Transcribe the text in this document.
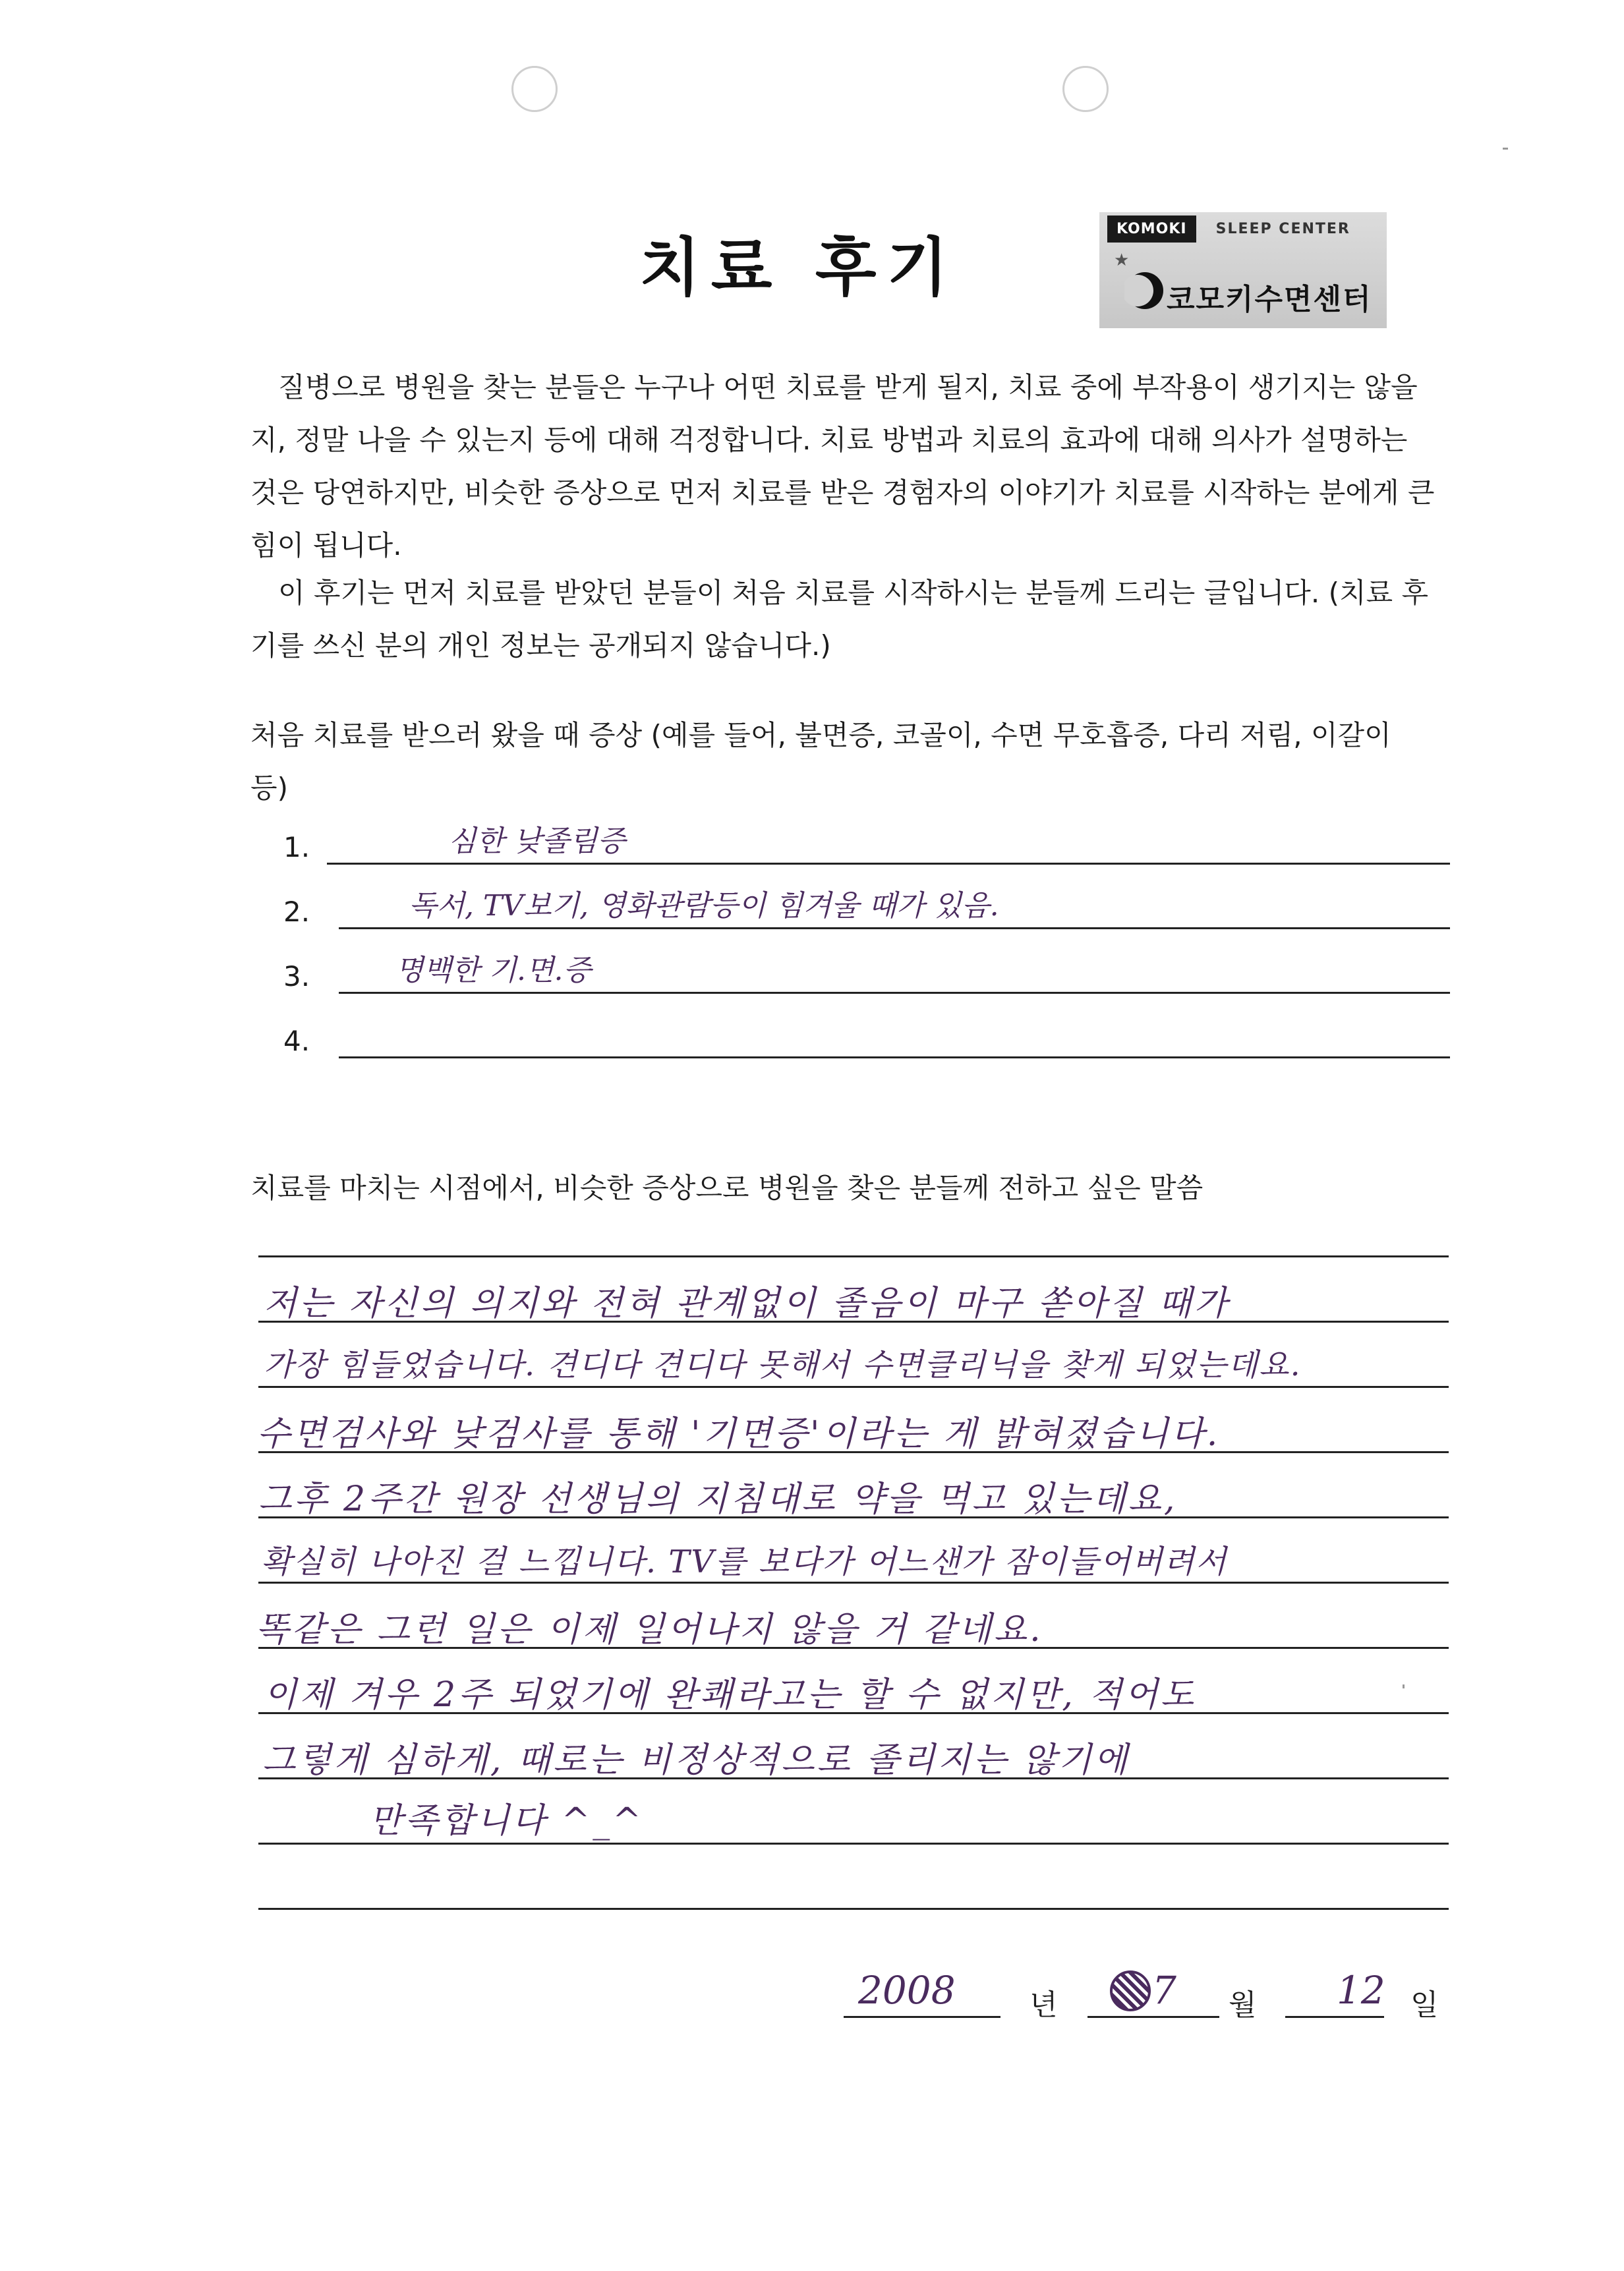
치료 후기
KOMOKI	SLEEP CENTER
★
코모키수면센터

질병으로 병원을 찾는 분들은 누구나 어떤 치료를 받게 될지, 치료 중에 부작용이 생기지는 않을지, 정말 나을 수 있는지 등에 대해 걱정합니다. 치료 방법과 치료의 효과에 대해 의사가 설명하는 것은 당연하지만, 비슷한 증상으로 먼저 치료를 받은 경험자의 이야기가 치료를 시작하는 분에게 큰 힘이 됩니다.

이 후기는 먼저 치료를 받았던 분들이 처음 치료를 시작하시는 분들께 드리는 글입니다. (치료 후기를 쓰신 분의 개인 정보는 공개되지 않습니다.)

처음 치료를 받으러 왔을 때 증상 (예를 들어, 불면증, 코골이, 수면 무호흡증, 다리 저림, 이갈이 등)

1.	심한 낮졸림증
2.	독서, TV보기, 영화관람등이 힘겨울 때가 있음.
3.	명백한 기.면.증
4.
치료를 마치는 시점에서, 비슷한 증상으로 병원을 찾은 분들께 전하고 싶은 말씀
저는 자신의 의지와 전혀 관계없이 졸음이 마구 쏟아질 때가
가장 힘들었습니다. 견디다 견디다 못해서 수면클리닉을 찾게 되었는데요.
수면검사와 낮검사를 통해 '기면증'이라는 게 밝혀졌습니다.
그후 2주간 원장 선생님의 지침대로 약을 먹고 있는데요,
확실히 나아진 걸 느낍니다. TV를 보다가 어느샌가 잠이들어버려서
똑같은 그런 일은 이제 일어나지 않을 거 같네요.
이제 겨우 2주 되었기에 완쾌라고는 할 수 없지만, 적어도
그렇게 심하게, 때로는 비정상적으로 졸리지는 않기에
만족합니다 ^_^
2008	년 7 월 12 일
